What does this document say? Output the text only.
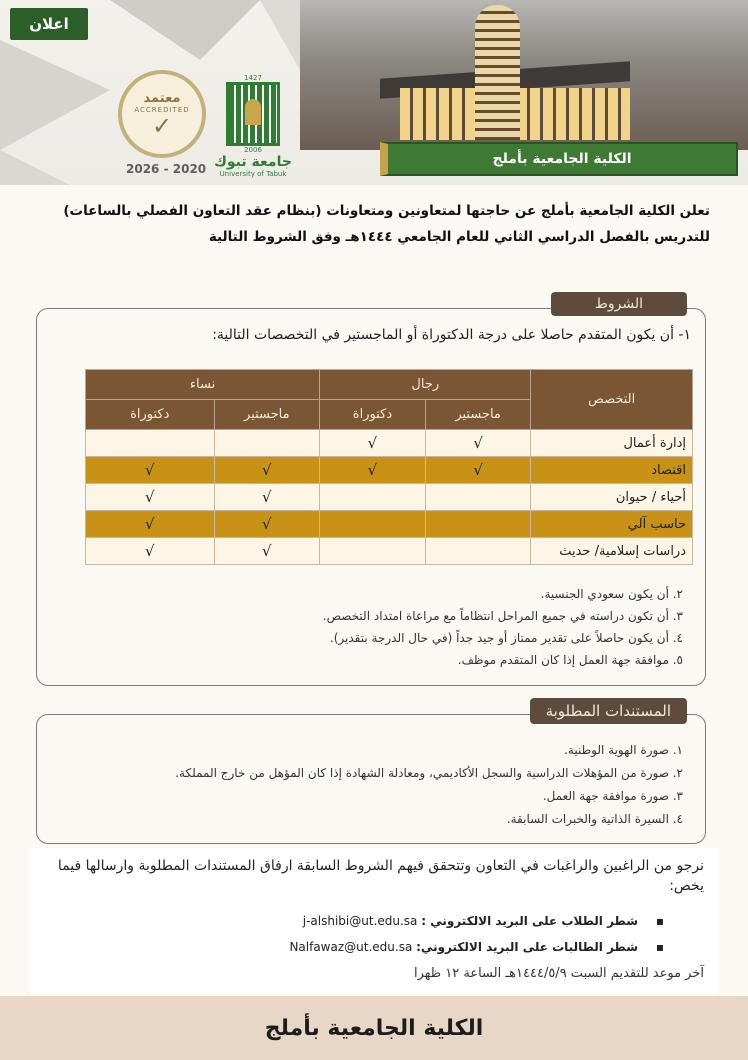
اعلان
معتمد
ACCREDITED
✓
2020 - 2026
1427
2006
جامعة تبوك
University of Tabuk
الكلية الجامعية بأملج
تعلن الكلية الجامعية بأملج عن حاجتها لمتعاونين ومتعاونات (بنظام عقد التعاون الفصلي بالساعات)
للتدريس بالفصل الدراسي الثاني للعام الجامعي ١٤٤٤هـ وفق الشروط التالية
الشروط
١- أن يكون المتقدم حاصلا على درجة الدكتوراة أو الماجستير في التخصصات التالية:
التخصص	رجال		نساء	
	ماجستير	دكتوراة	ماجستير	دكتوراة
إدارة أعمال	√	√		
اقتصاد	√	√	√	√
أحياء / حيوان			√	√
حاسب آلي			√	√
دراسات إسلامية/ حديث			√	√
٢. أن يكون سعودي الجنسية.
٣. أن تكون دراسته في جميع المراحل انتظاماً مع مراعاة امتداد التخصص.
٤. أن يكون حاصلاً على تقدير ممتاز أو جيد جداً (في حال الدرجة بتقدير).
٥. موافقة جهة العمل إذا كان المتقدم موظف.
المستندات المطلوبة
١. صورة الهوية الوطنية.
٢. صورة من المؤهلات الدراسية والسجل الأكاديمي، ومعادلة الشهادة إذا كان المؤهل من خارج المملكة.
٣. صورة موافقة جهة العمل.
٤. السيرة الذاتية والخبرات السابقة.

نرجو من الراغبين والراغبات في التعاون وتتحقق فيهم الشروط السابقة ارفاق المستندات المطلوبة وارسالها فيما يخص:

▪ شطر الطلاب على البريد الالكتروني : j-alshibi@ut.edu.sa
▪ شطر الطالبات على البريد الالكتروني: Nalfawaz@ut.edu.sa
آخر موعد للتقديم السبت ١٤٤٤/٥/٩هـ الساعة ١٢ ظهرا
الكلية الجامعية بأملج
